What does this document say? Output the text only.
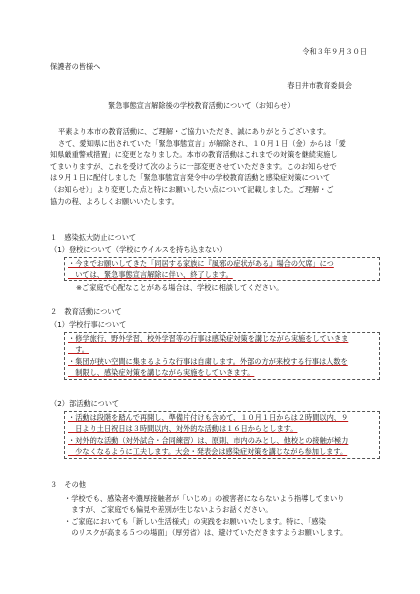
令和３年９月３０日
保護者の皆様へ
春日井市教育委員会
緊急事態宣言解除後の学校教育活動について（お知らせ）
平素より本市の教育活動に、ご理解・ご協力いただき、誠にありがとうございます。
さて、愛知県に出されていた「緊急事態宣言」が解除され、１０月１日（金）からは「愛
知県厳重警戒措置」に変更となりました。本市の教育活動はこれまでの対策を継続実施し
てまいりますが、これを受けて次のように一部変更させていただきます。このお知らせで
は９月１日に配付しました「緊急事態宣言発令中の学校教育活動と感染症対策について
（お知らせ）」より変更した点と特にお願いしたい点について記載しました。ご理解・ご
協力の程、よろしくお願いいたします。
１　感染拡大防止について
（1）登校について（学校にウイルスを持ち込まない）
・今までお願いしてきた「同居する家族に『風邪の症状がある』場合の欠席」につ
　いては、緊急事態宣言解除に伴い、終了します。
※ご家庭で心配なことがある場合は、学校に相談してください。
２　教育活動について
（1）学校行事について
・修学旅行、野外学習、校外学習等の行事は感染症対策を講じながら実施をしていきま
　す。
・集団が狭い空間に集まるような行事は自粛します。外部の方が来校する行事は人数を
　制限し、感染症対策を講じながら実施をしていきます。
（2）部活動について
・活動は段階を踏んで再開し、準備片付けも含めて、１０月１日からは２時間以内、９
　日より土日祝日は３時間以内、対外的な活動は１６日からとします。
・対外的な活動（対外試合・合同練習）は、原則、市内のみとし、他校との接触が極力
　少なくなるように工夫します。大会・発表会は感染症対策を講じながら参加します。
３　その他
・学校でも、感染者や濃厚接触者が「いじめ」の被害者にならないよう指導してまいり
　ますが、ご家庭でも偏見や差別が生じないようお話ください。
・ご家庭においても「新しい生活様式」の実践をお願いいたします。特に、「感染
　のリスクが高まる５つの場面」（厚労省）は、避けていただきますようお願いします。
